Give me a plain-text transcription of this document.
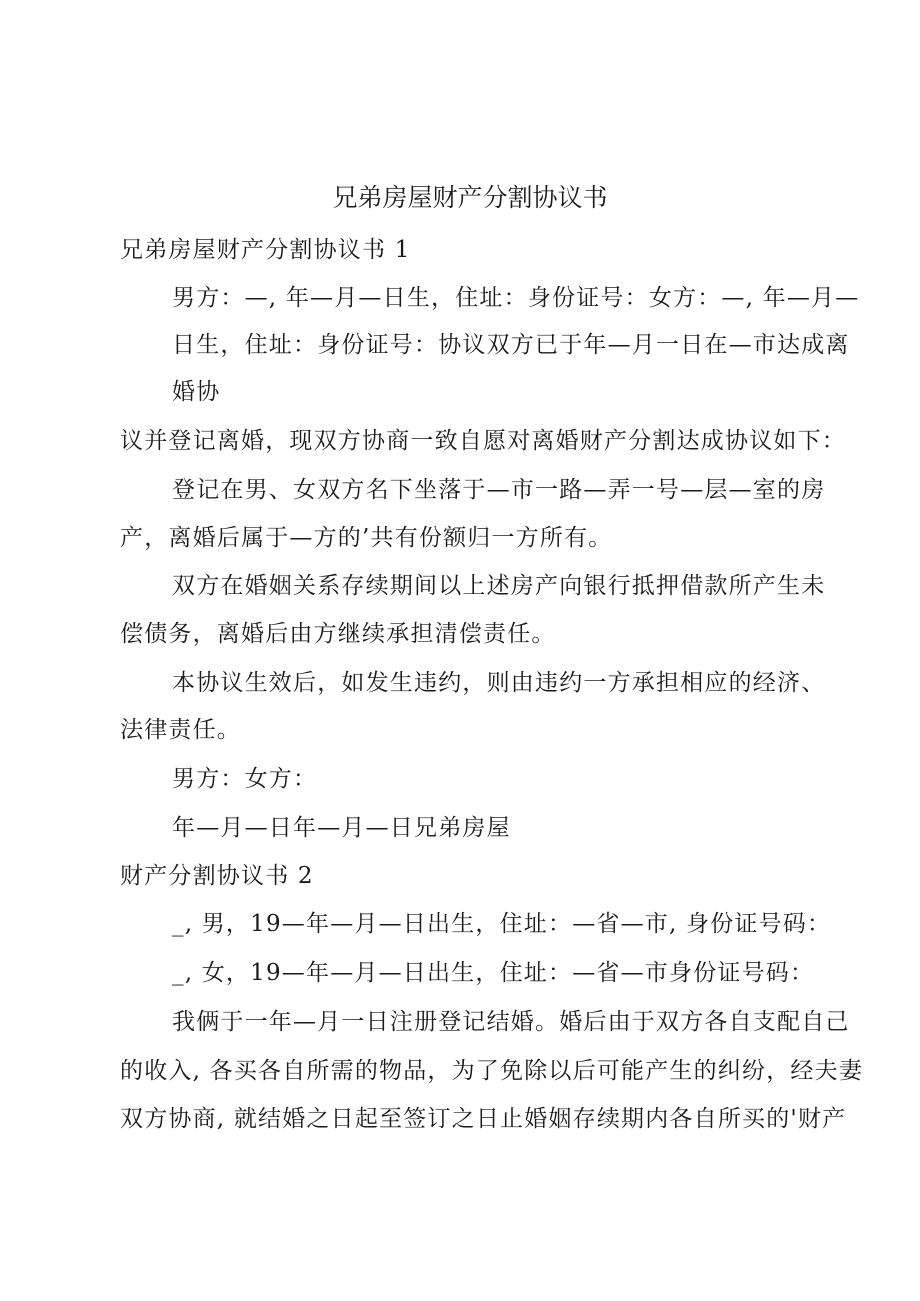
兄弟房屋财产分割协议书
兄弟房屋财产分割协议书 1
男方：—, 年—月—日生，住址：身份证号：女方：—, 年—月—
日生，住址：身份证号：协议双方已于年—月一日在—市达成离
婚协
议并登记离婚，现双方协商一致自愿对离婚财产分割达成协议如下：
登记在男、女双方名下坐落于—市一路—弄一号—层—室的房
产，离婚后属于—方的’共有份额归一方所有。
双方在婚姻关系存续期间以上述房产向银行抵押借款所产生未
偿债务，离婚后由方继续承担清偿责任。
本协议生效后，如发生违约，则由违约一方承担相应的经济、
法律责任。
男方：女方：
年—月—日年—月—日兄弟房屋
财产分割协议书 2
_, 男，19—年—月—日出生，住址：—省—市, 身份证号码：
_, 女，19—年—月—日出生，住址：—省—市身份证号码：
我俩于一年—月一日注册登记结婚。婚后由于双方各自支配自己
的收入, 各买各自所需的物品，为了免除以后可能产生的纠纷，经夫妻
双方协商, 就结婚之日起至签订之日止婚姻存续期内各自所买的'财产
